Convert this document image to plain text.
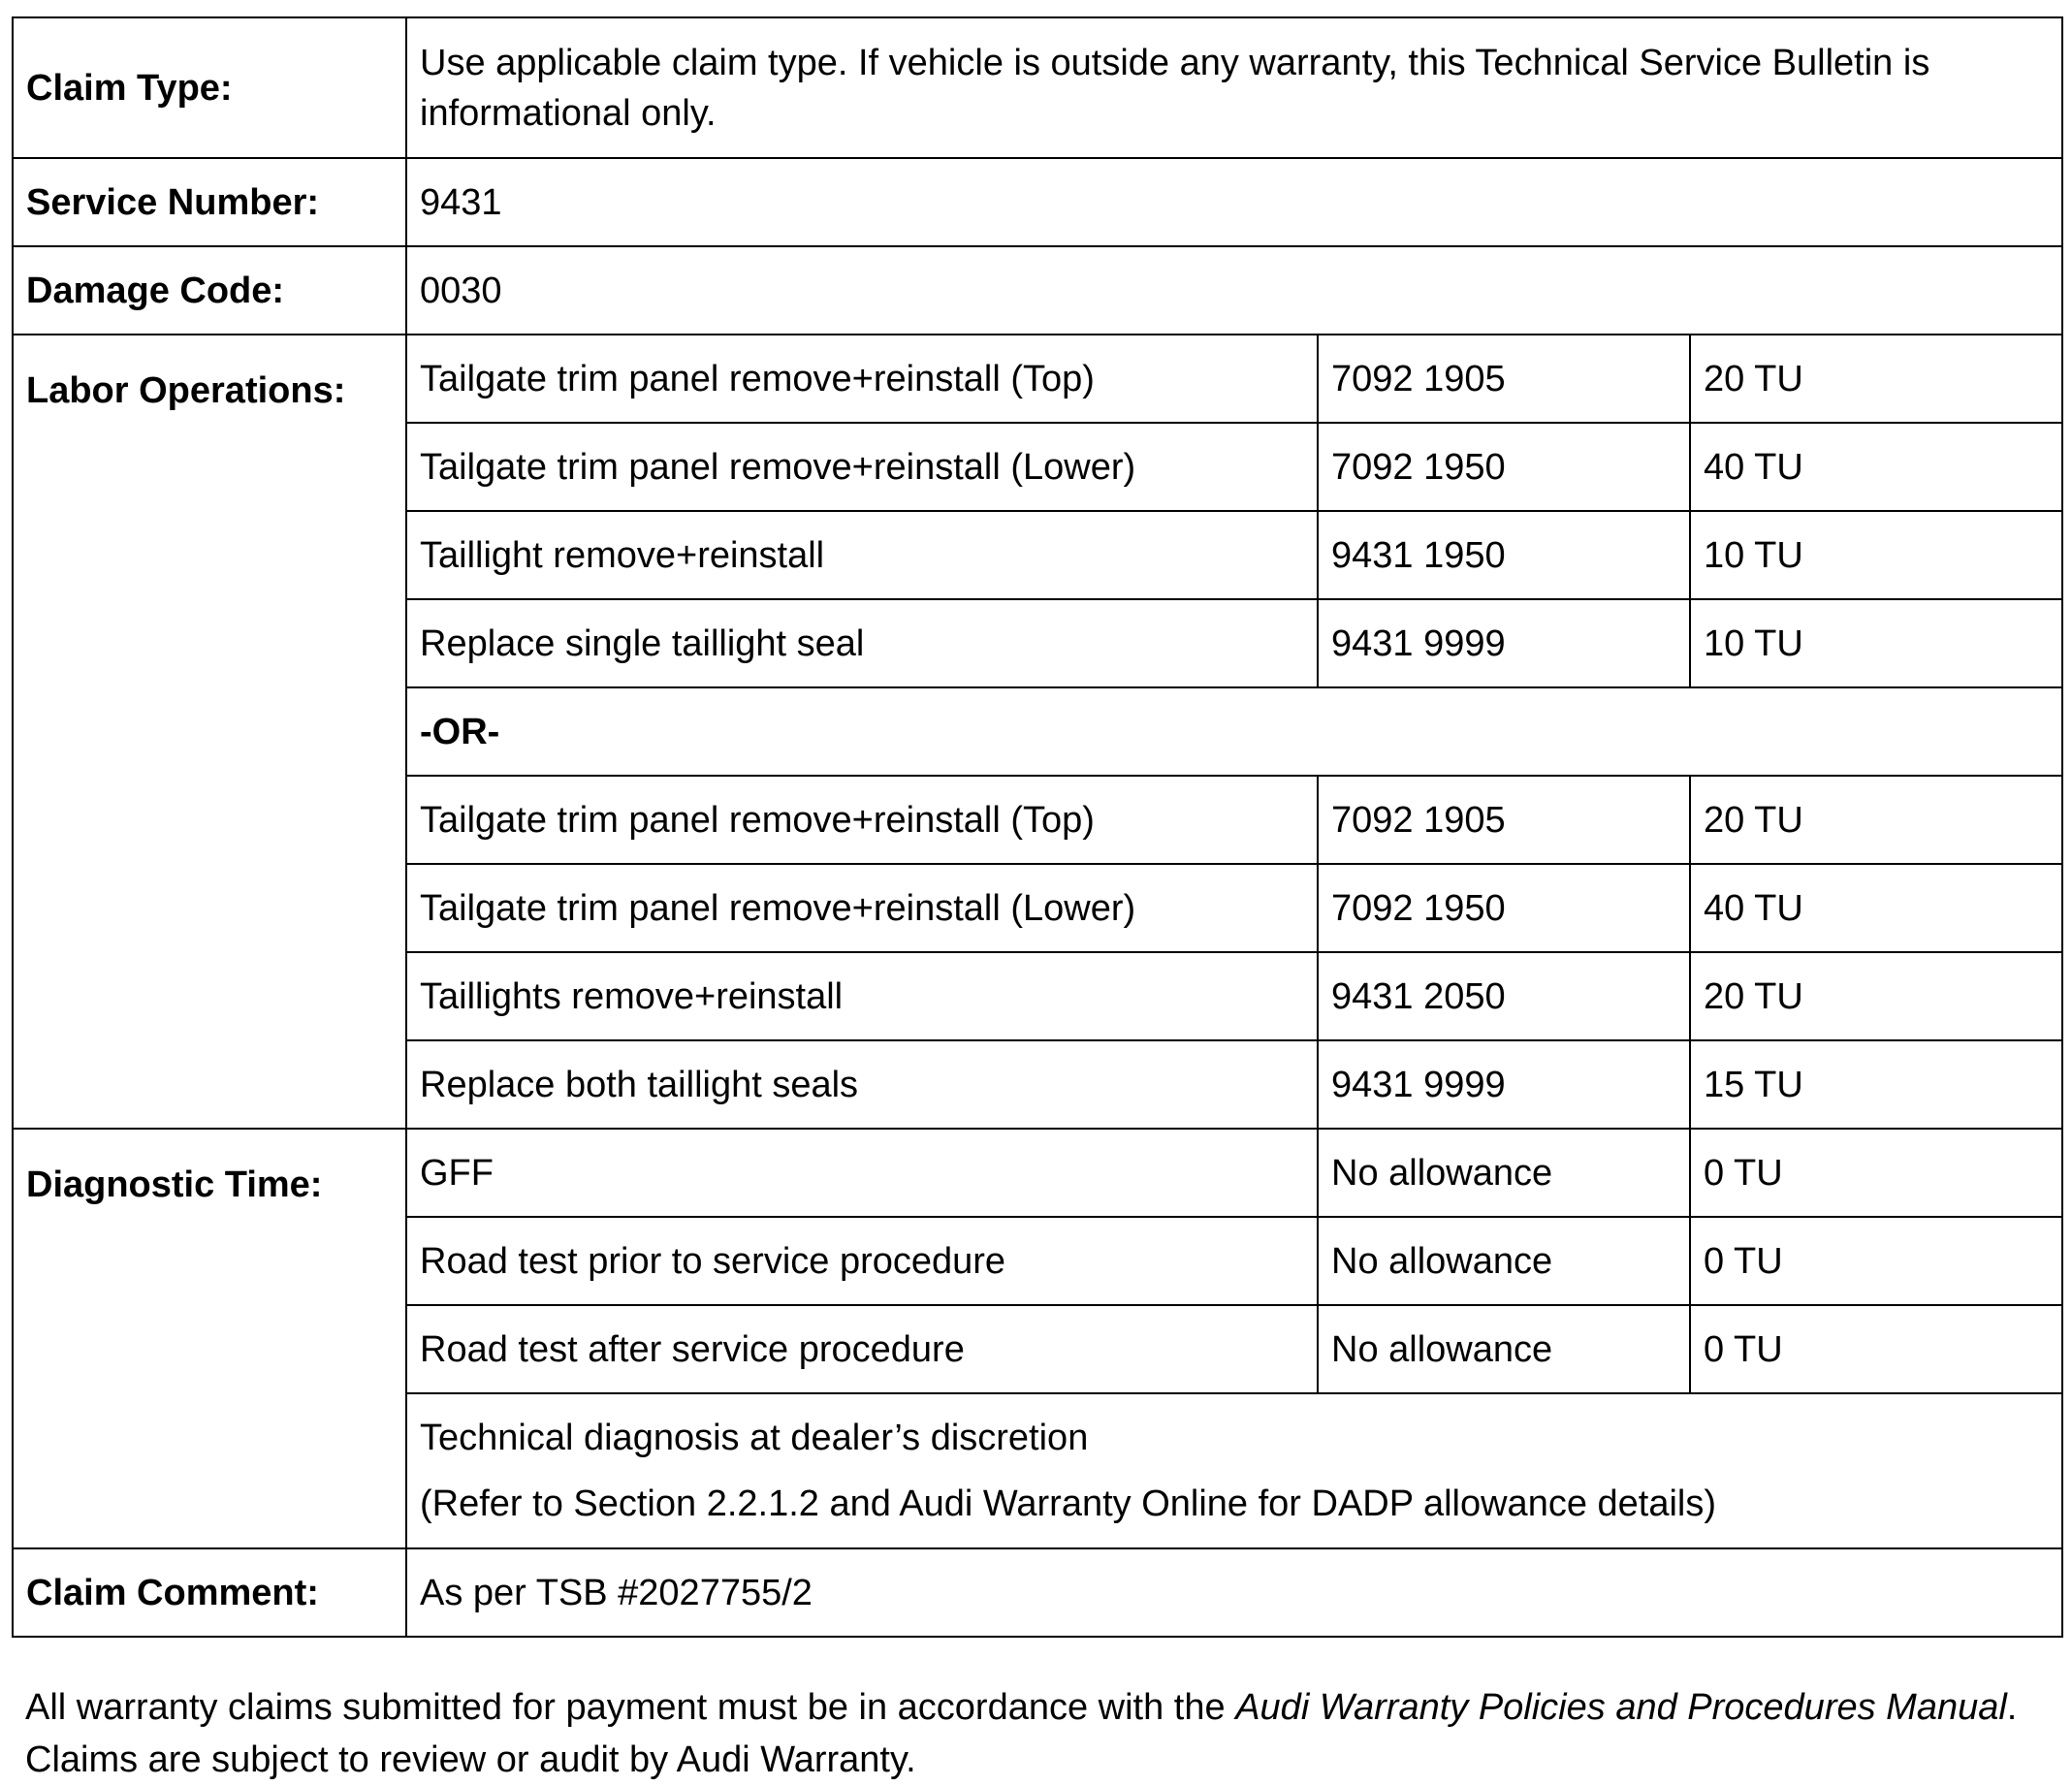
Claim Type:	Use applicable claim type. If vehicle is outside any warranty, this Technical Service Bulletin is informational only.		
Service Number:	9431		
Damage Code:	0030		

Labor Operations:	Tailgate trim panel remove+reinstall (Top)	7092 1905	20 TU
	Tailgate trim panel remove+reinstall (Lower)	7092 1950	40 TU
	Taillight remove+reinstall	9431 1950	10 TU
	Replace single taillight seal	9431 9999	10 TU
	-OR-		
	Tailgate trim panel remove+reinstall (Top)	7092 1905	20 TU
	Tailgate trim panel remove+reinstall (Lower)	7092 1950	40 TU
	Taillights remove+reinstall	9431 2050	20 TU
	Replace both taillight seals	9431 9999	15 TU

Diagnostic Time:	GFF	No allowance	0 TU
	Road test prior to service procedure	No allowance	0 TU
	Road test after service procedure	No allowance	0 TU

	Technical diagnosis at dealer’s discretion
(Refer to Section 2.2.1.2 and Audi Warranty Online for DADP allowance details)		

Claim Comment:	As per TSB #2027755/2		
All warranty claims submitted for payment must be in accordance with the Audi Warranty Policies and Procedures Manual. Claims are subject to review or audit by Audi Warranty.
